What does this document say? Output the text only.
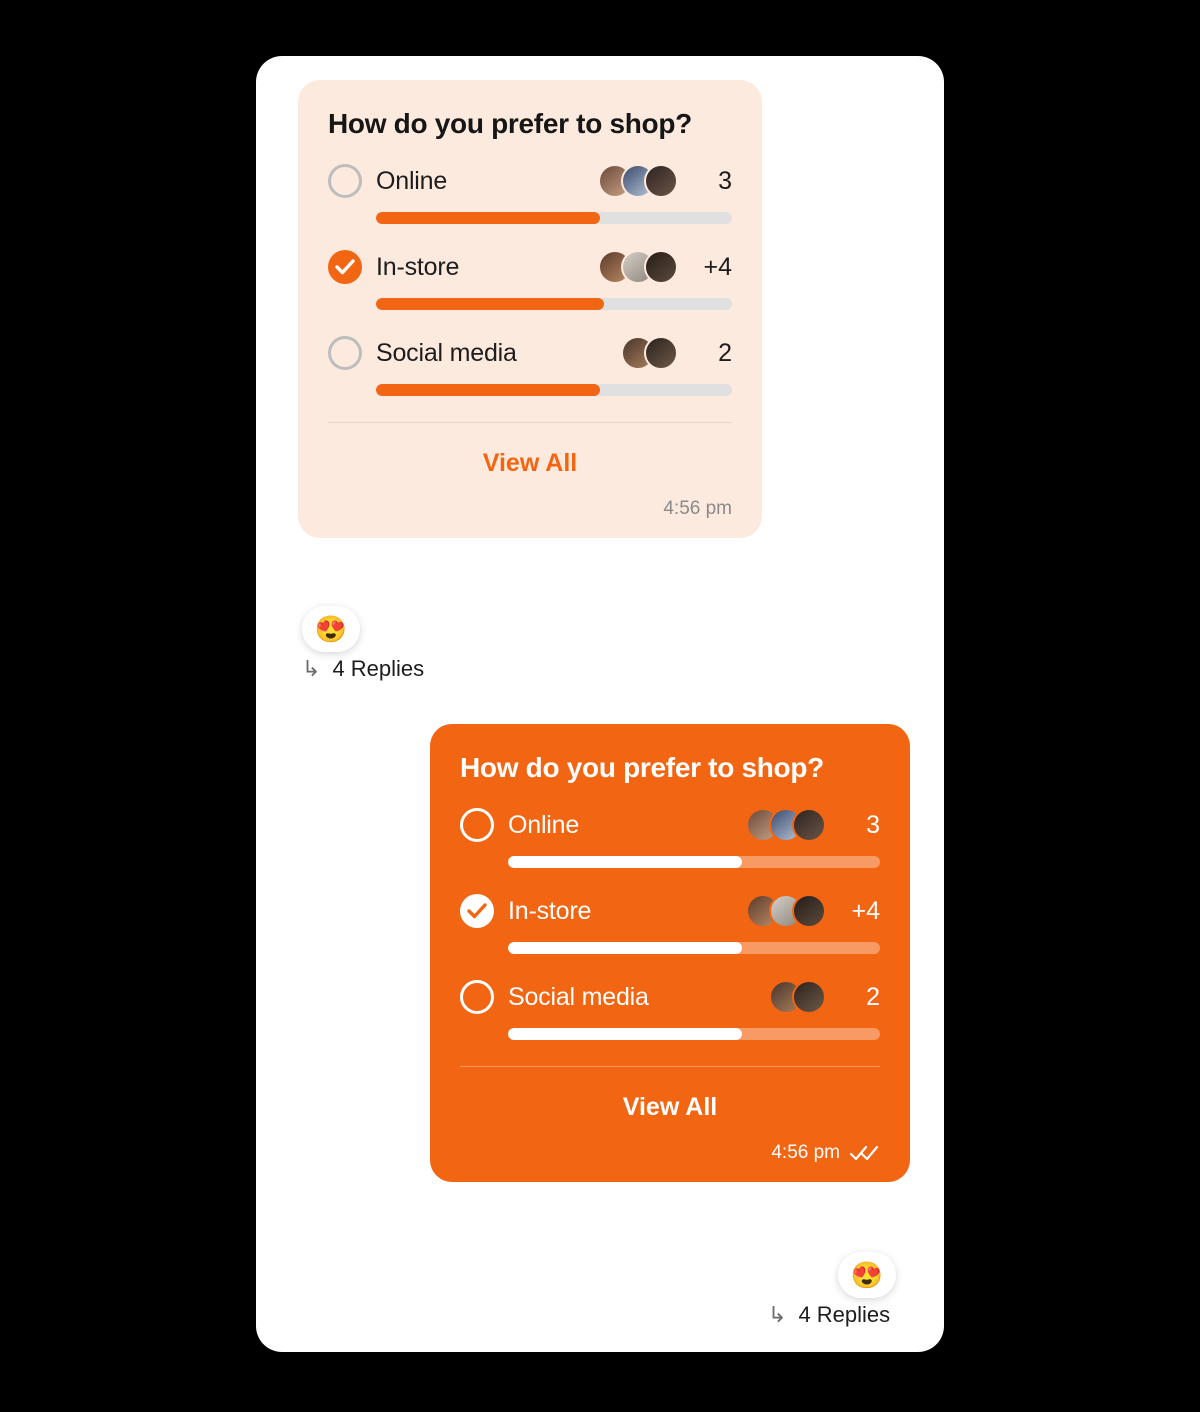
How do you prefer to shop?
Online	3
In-store	+4
Social media	2
View All
4:56 pm
😍
↳ 4 Replies
How do you prefer to shop?
Online	3
In-store	+4
Social media	2
View All
4:56 pm
😍
↳ 4 Replies
